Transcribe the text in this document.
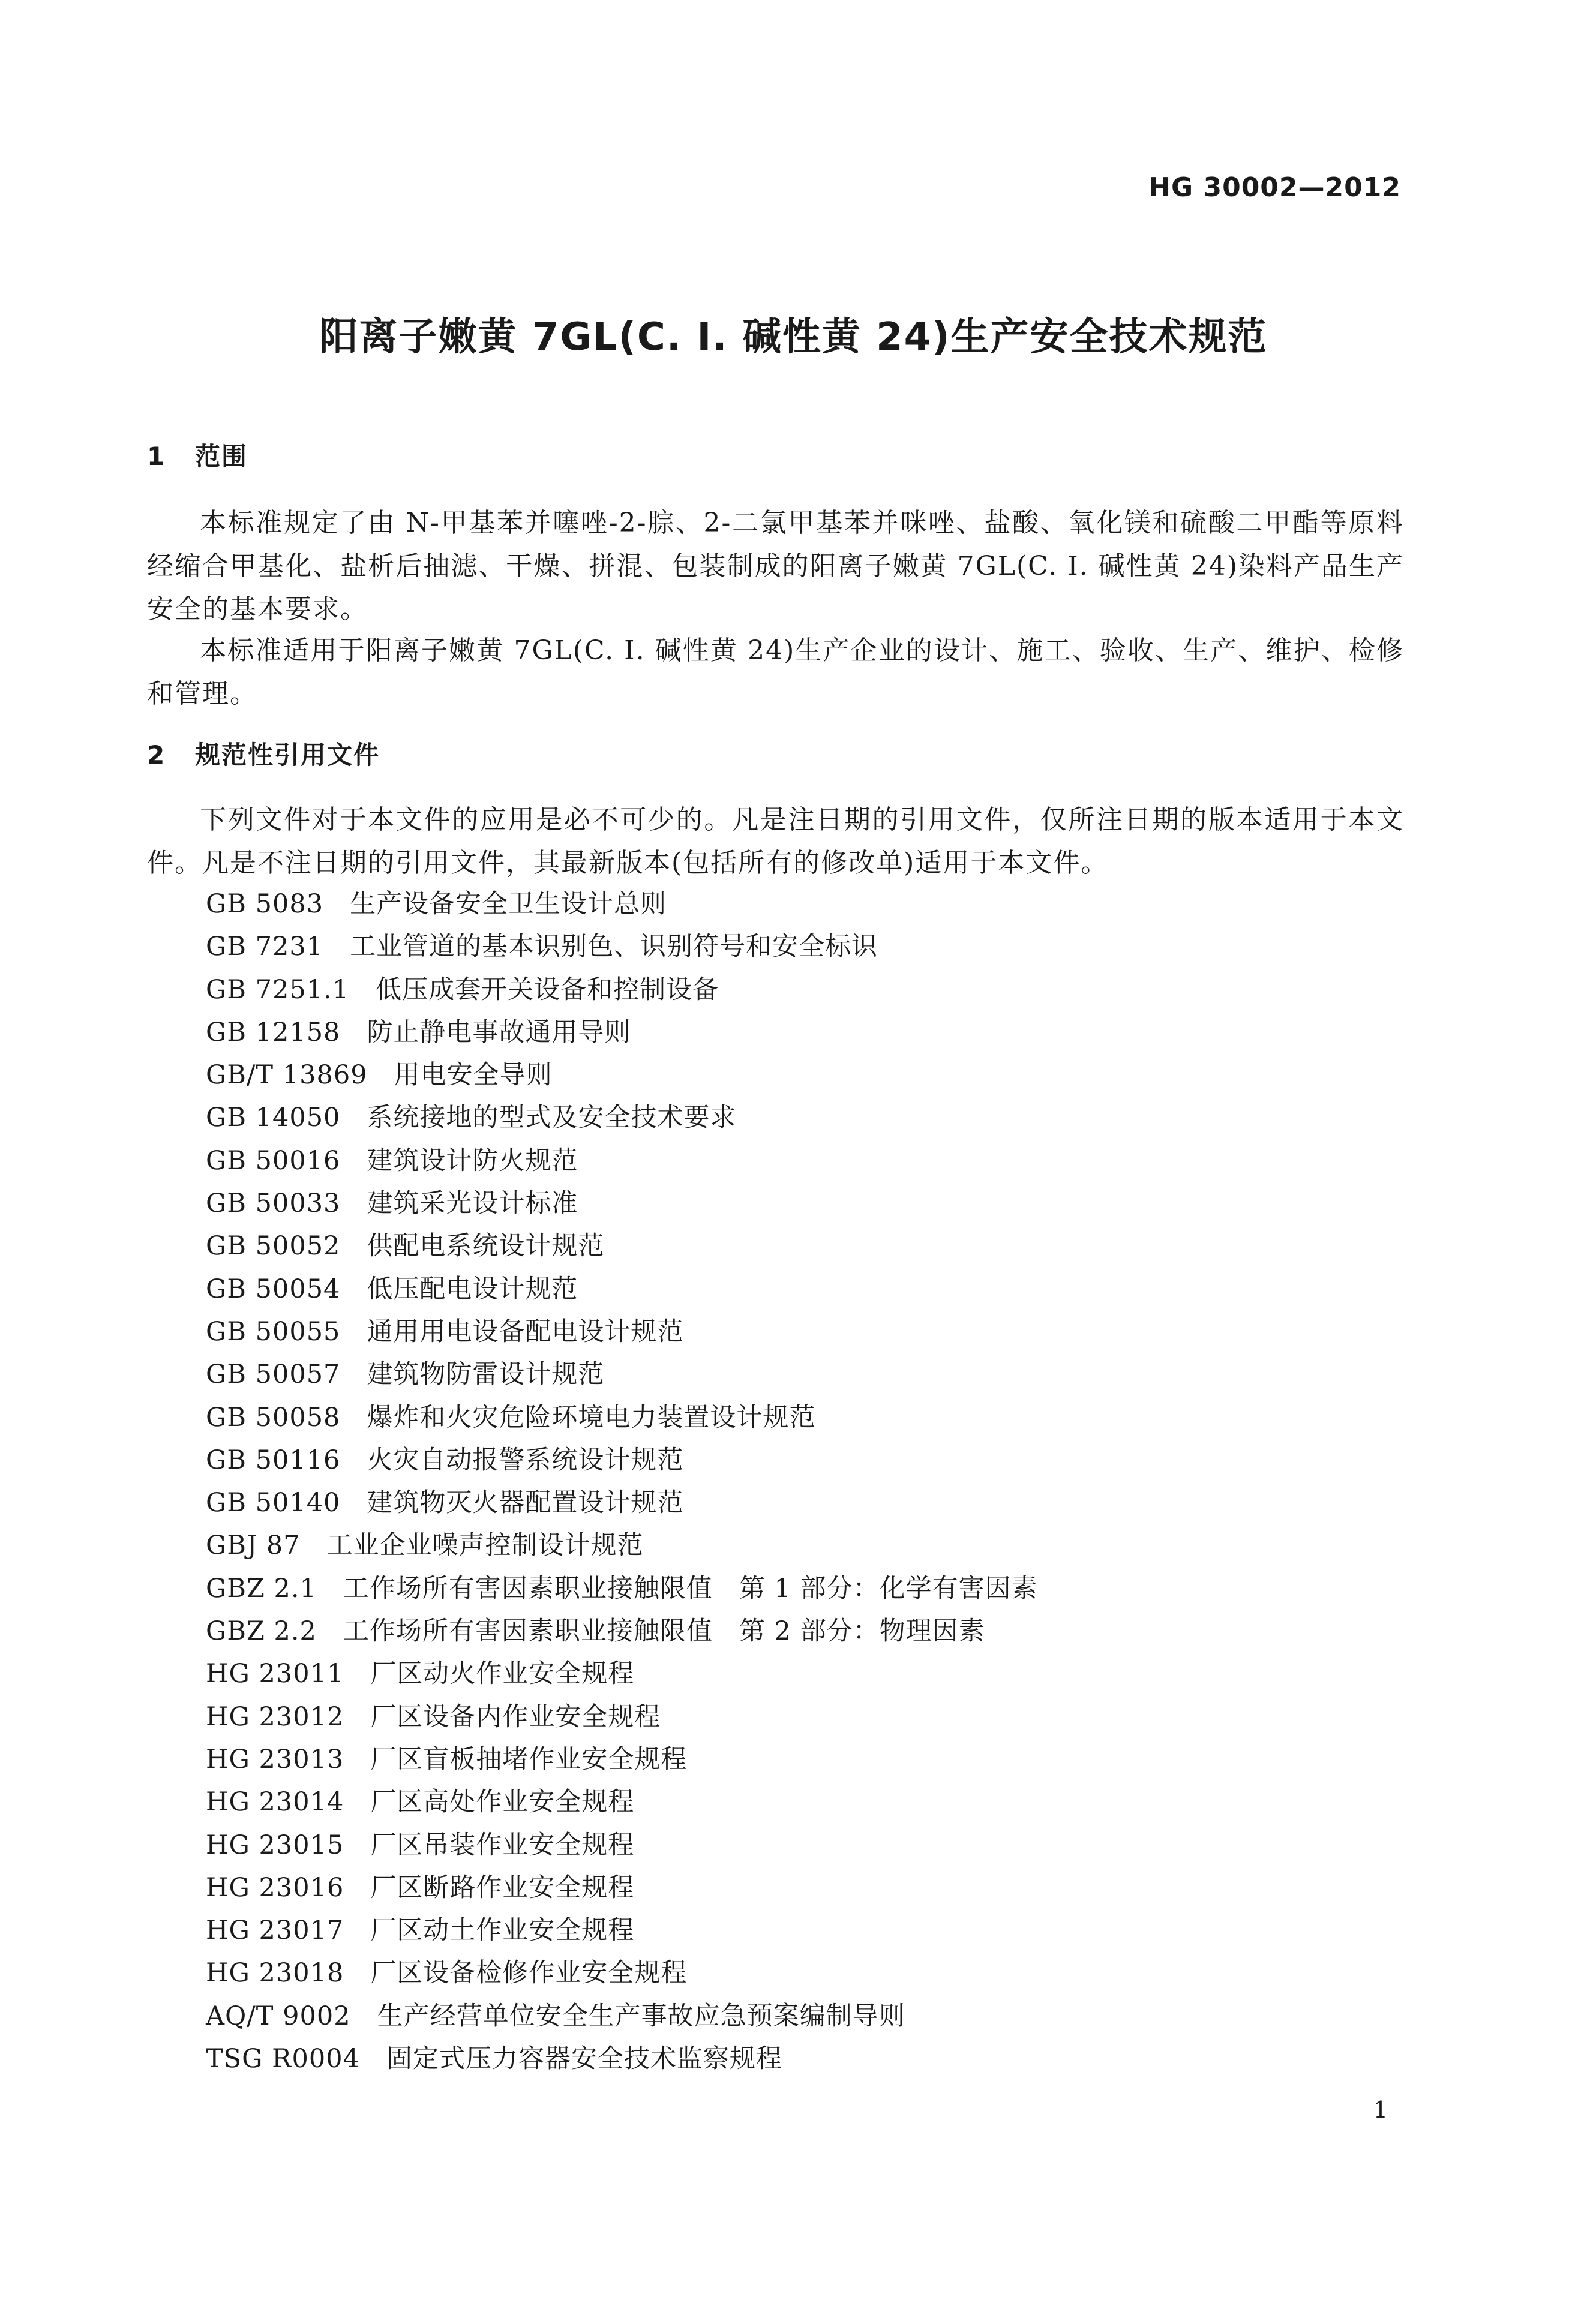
HG 30002—2012
阳离子嫩黄 7GL(C. I. 碱性黄 24)生产安全技术规范
1 范围
本标准规定了由 N-甲基苯并噻唑-2-腙、2-二氯甲基苯并咪唑、盐酸、氧化镁和硫酸二甲酯等原料经缩合甲基化、盐析后抽滤、干燥、拼混、包装制成的阳离子嫩黄 7GL(C. I. 碱性黄 24)染料产品生产安全的基本要求。
本标准适用于阳离子嫩黄 7GL(C. I. 碱性黄 24)生产企业的设计、施工、验收、生产、维护、检修和管理。
2 规范性引用文件
下列文件对于本文件的应用是必不可少的。凡是注日期的引用文件，仅所注日期的版本适用于本文件。凡是不注日期的引用文件，其最新版本(包括所有的修改单)适用于本文件。
GB 5083 生产设备安全卫生设计总则
GB 7231 工业管道的基本识别色、识别符号和安全标识
GB 7251.1 低压成套开关设备和控制设备
GB 12158 防止静电事故通用导则
GB/T 13869 用电安全导则
GB 14050 系统接地的型式及安全技术要求
GB 50016 建筑设计防火规范
GB 50033 建筑采光设计标准
GB 50052 供配电系统设计规范
GB 50054 低压配电设计规范
GB 50055 通用用电设备配电设计规范
GB 50057 建筑物防雷设计规范
GB 50058 爆炸和火灾危险环境电力装置设计规范
GB 50116 火灾自动报警系统设计规范
GB 50140 建筑物灭火器配置设计规范
GBJ 87 工业企业噪声控制设计规范
GBZ 2.1 工作场所有害因素职业接触限值　第 1 部分：化学有害因素
GBZ 2.2 工作场所有害因素职业接触限值　第 2 部分：物理因素
HG 23011 厂区动火作业安全规程
HG 23012 厂区设备内作业安全规程
HG 23013 厂区盲板抽堵作业安全规程
HG 23014 厂区高处作业安全规程
HG 23015 厂区吊装作业安全规程
HG 23016 厂区断路作业安全规程
HG 23017 厂区动土作业安全规程
HG 23018 厂区设备检修作业安全规程
AQ/T 9002 生产经营单位安全生产事故应急预案编制导则
TSG R0004 固定式压力容器安全技术监察规程
1
